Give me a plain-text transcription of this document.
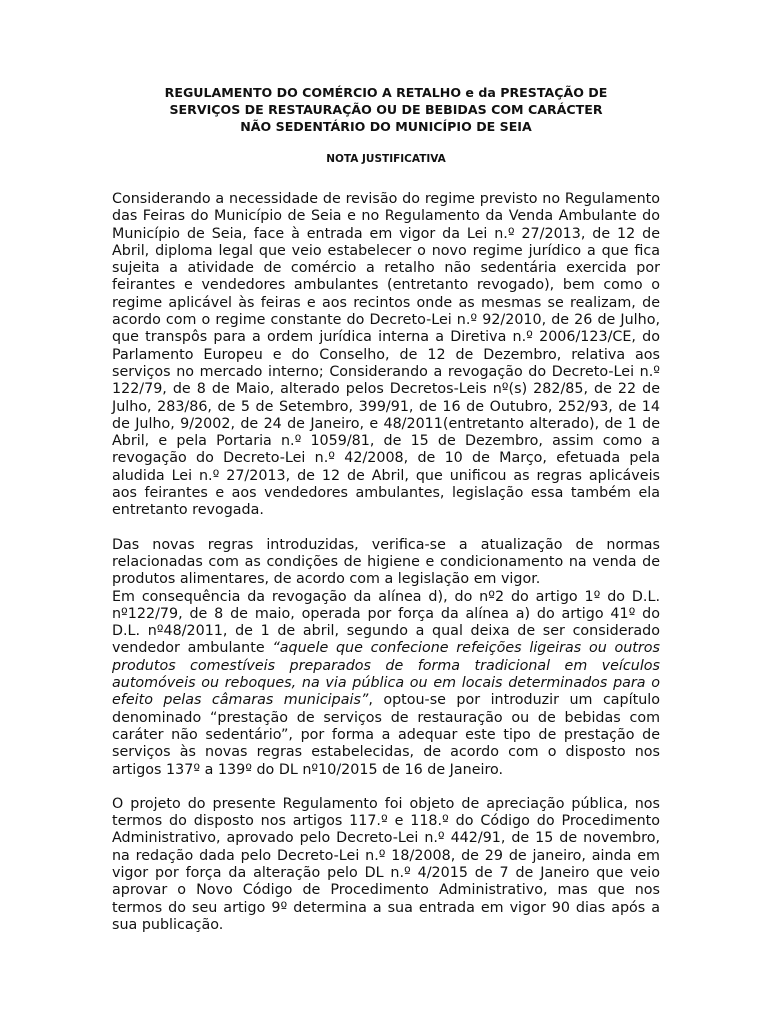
REGULAMENTO DO COMÉRCIO A RETALHO e da PRESTAÇÃO DE
SERVIÇOS DE RESTAURAÇÃO OU DE BEBIDAS COM CARÁCTER
NÃO SEDENTÁRIO DO MUNICÍPIO DE SEIA
NOTA JUSTIFICATIVA

Considerando a necessidade de revisão do regime previsto no Regulamento das Feiras do Município de Seia e no Regulamento da Venda Ambulante do Município de Seia, face à entrada em vigor da Lei n.º 27/2013, de 12 de Abril, diploma legal que veio estabelecer o novo regime jurídico a que fica sujeita a atividade de comércio a retalho não sedentária exercida por feirantes e vendedores ambulantes (entretanto revogado), bem como o regime aplicável às feiras e aos recintos onde as mesmas se realizam, de acordo com o regime constante do Decreto-Lei n.º 92/2010, de 26 de Julho, que transpôs para a ordem jurídica interna a Diretiva n.º 2006/123/CE, do Parlamento Europeu e do Conselho, de 12 de Dezembro, relativa aos serviços no mercado interno; Considerando a revogação do Decreto-Lei n.º 122/79, de 8 de Maio, alterado pelos Decretos-Leis nº(s) 282/85, de 22 de Julho, 283/86, de 5 de Setembro, 399/91, de 16 de Outubro, 252/93, de 14 de Julho, 9/2002, de 24 de Janeiro, e 48/2011(entretanto alterado), de 1 de Abril, e pela Portaria n.º 1059/81, de 15 de Dezembro, assim como a revogação do Decreto-Lei n.º 42/2008, de 10 de Março, efetuada pela aludida Lei n.º 27/2013, de 12 de Abril, que unificou as regras aplicáveis aos feirantes e aos vendedores ambulantes, legislação essa também ela entretanto revogada.

Das novas regras introduzidas, verifica-se a atualização de normas relacionadas com as condições de higiene e condicionamento na venda de produtos alimentares, de acordo com a legislação em vigor.

Em consequência da revogação da alínea d), do nº2 do artigo 1º do D.L. nº122/79, de 8 de maio, operada por força da alínea a) do artigo 41º do D.L. nº48/2011, de 1 de abril, segundo a qual deixa de ser considerado vendedor ambulante “aquele que confecione refeições ligeiras ou outros produtos comestíveis preparados de forma tradicional em veículos automóveis ou reboques, na via pública ou em locais determinados para o efeito pelas câmaras municipais”, optou-se por introduzir um capítulo denominado “prestação de serviços de restauração ou de bebidas com caráter não sedentário”, por forma a adequar este tipo de prestação de serviços às novas regras estabelecidas, de acordo com o disposto nos artigos 137º a 139º do DL nº10/2015 de 16 de Janeiro.

O projeto do presente Regulamento foi objeto de apreciação pública, nos termos do disposto nos artigos 117.º e 118.º do Código do Procedimento Administrativo, aprovado pelo Decreto-Lei n.º 442/91, de 15 de novembro, na redação dada pelo Decreto-Lei n.º 18/2008, de 29 de janeiro, ainda em vigor por força da alteração pelo DL n.º 4/2015 de 7 de Janeiro que veio aprovar o Novo Código de Procedimento Administrativo, mas que nos termos do seu artigo 9º determina a sua entrada em vigor 90 dias após a sua publicação.
